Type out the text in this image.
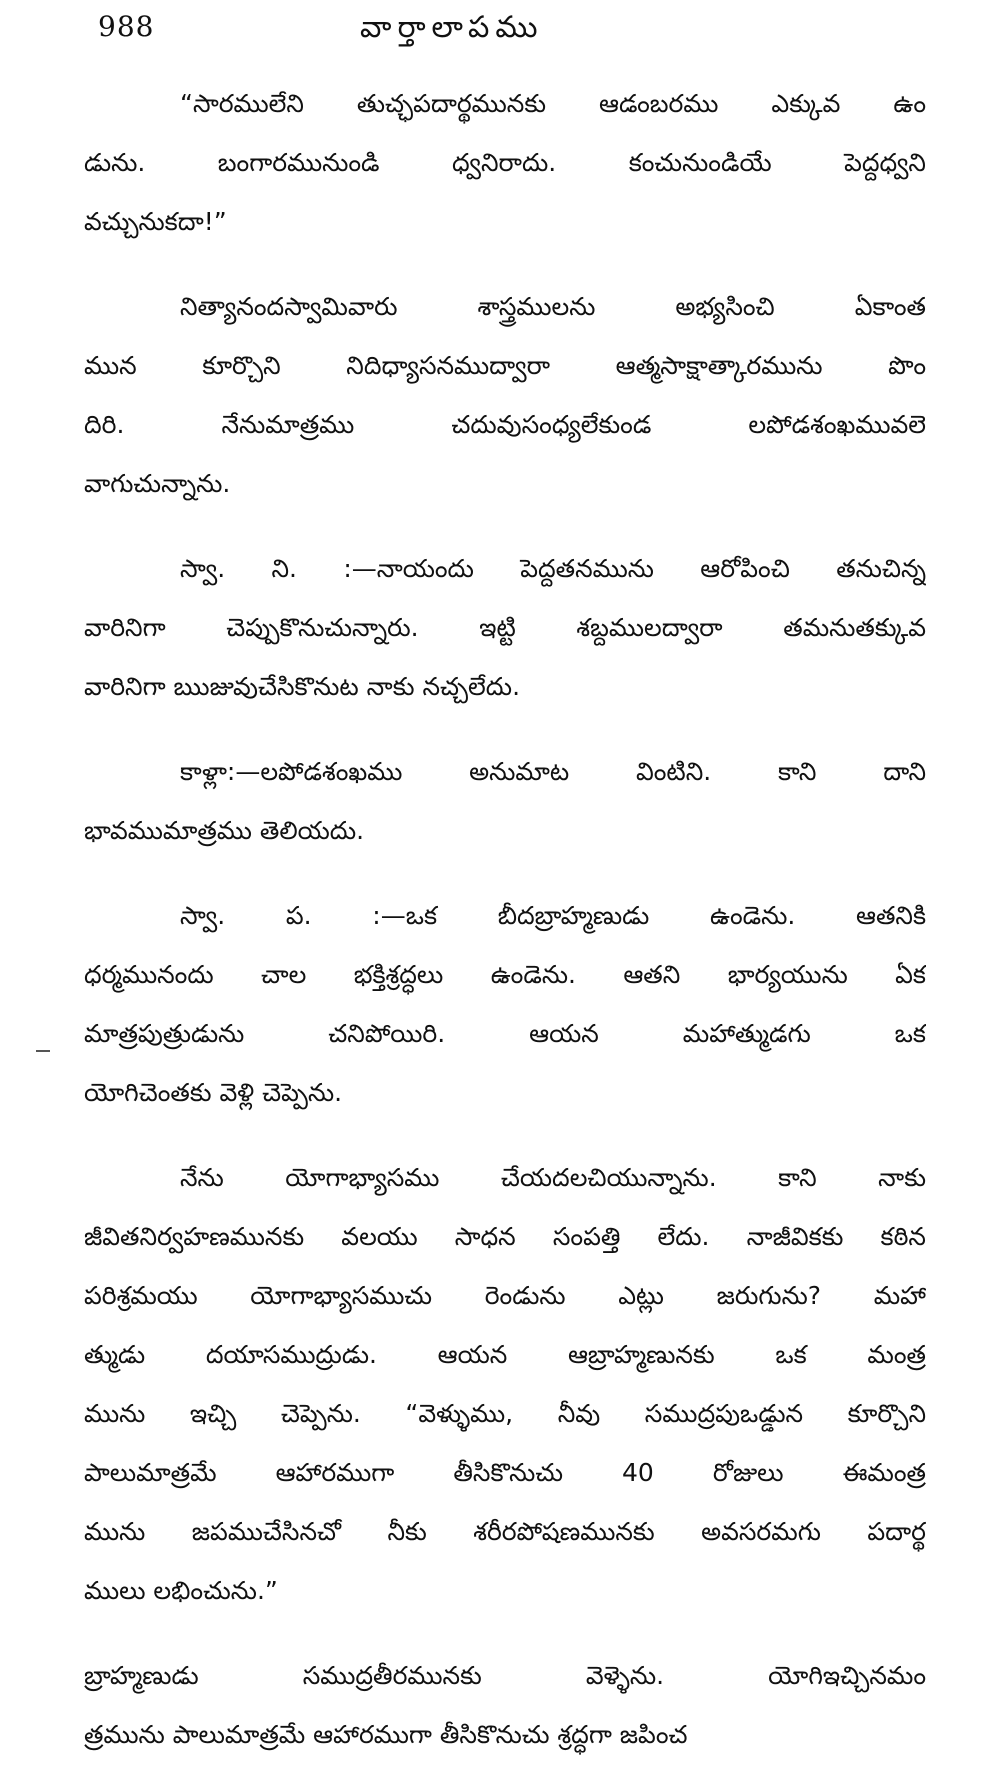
988	వార్తాలాపము
“సారములేని తుచ్ఛపదార్థమునకు ఆడంబరము ఎక్కువ ఉం
డును. బంగారమునుండి ధ్వనిరాదు. కంచునుండియే పెద్దధ్వని
వచ్చునుకదా!”
నిత్యానందస్వామివారు శాస్త్రములను అభ్యసించి ఏకాంత
మున కూర్చొని నిదిధ్యాసనముద్వారా ఆత్మసాక్షాత్కారమును పొం
దిరి. నేనుమాత్రము చదువుసంధ్యలేకుండ లపోడశంఖమువలె
వాగుచున్నాను.
స్వా. ని. :—నాయందు పెద్దతనమును ఆరోపించి తనుచిన్న
వారినిగా చెప్పుకొనుచున్నారు. ఇట్టి శబ్దములద్వారా తమనుతక్కువ
వారినిగా ఋజువుచేసికొనుట నాకు నచ్చలేదు.
కాళ్లా:—లపోడశంఖము అనుమాట వింటిని. కాని దాని
భావముమాత్రము తెలియదు.
స్వా. ప. :—ఒక బీదబ్రాహ్మణుడు ఉండెను. ఆతనికి
ధర్మమునందు చాల భక్తిశ్రద్ధలు ఉండెను. ఆతని భార్యయును ఏక
మాత్రపుత్రుడును చనిపోయిరి. ఆయన మహాత్ముడగు ఒక
యోగిచెంతకు వెళ్లి చెప్పెను.
నేను యోగాభ్యాసము చేయదలచియున్నాను. కాని నాకు
జీవితనిర్వహణమునకు వలయు సాధన సంపత్తి లేదు. నాజీవికకు కఠిన
పరిశ్రమయు యోగాభ్యాసముచు రెండును ఎట్లు జరుగును? మహా
త్ముడు దయాసముద్రుడు. ఆయన ఆబ్రాహ్మణునకు ఒక మంత్ర
మును ఇచ్చి చెప్పెను. “వెళ్ళుము, నీవు సముద్రపుఒడ్డున కూర్చొని
పాలుమాత్రమే ఆహారముగా తీసికొనుచు 40 రోజులు ఈమంత్ర
మును జపముచేసినచో నీకు శరీరపోషణమునకు అవసరమగు పదార్థ
ములు లభించును.”
బ్రాహ్మణుడు సముద్రతీరమునకు వెళ్ళెను. యోగిఇచ్చినమం
త్రమును పాలుమాత్రమే ఆహారముగా తీసికొనుచు శ్రద్ధగా జపించ
